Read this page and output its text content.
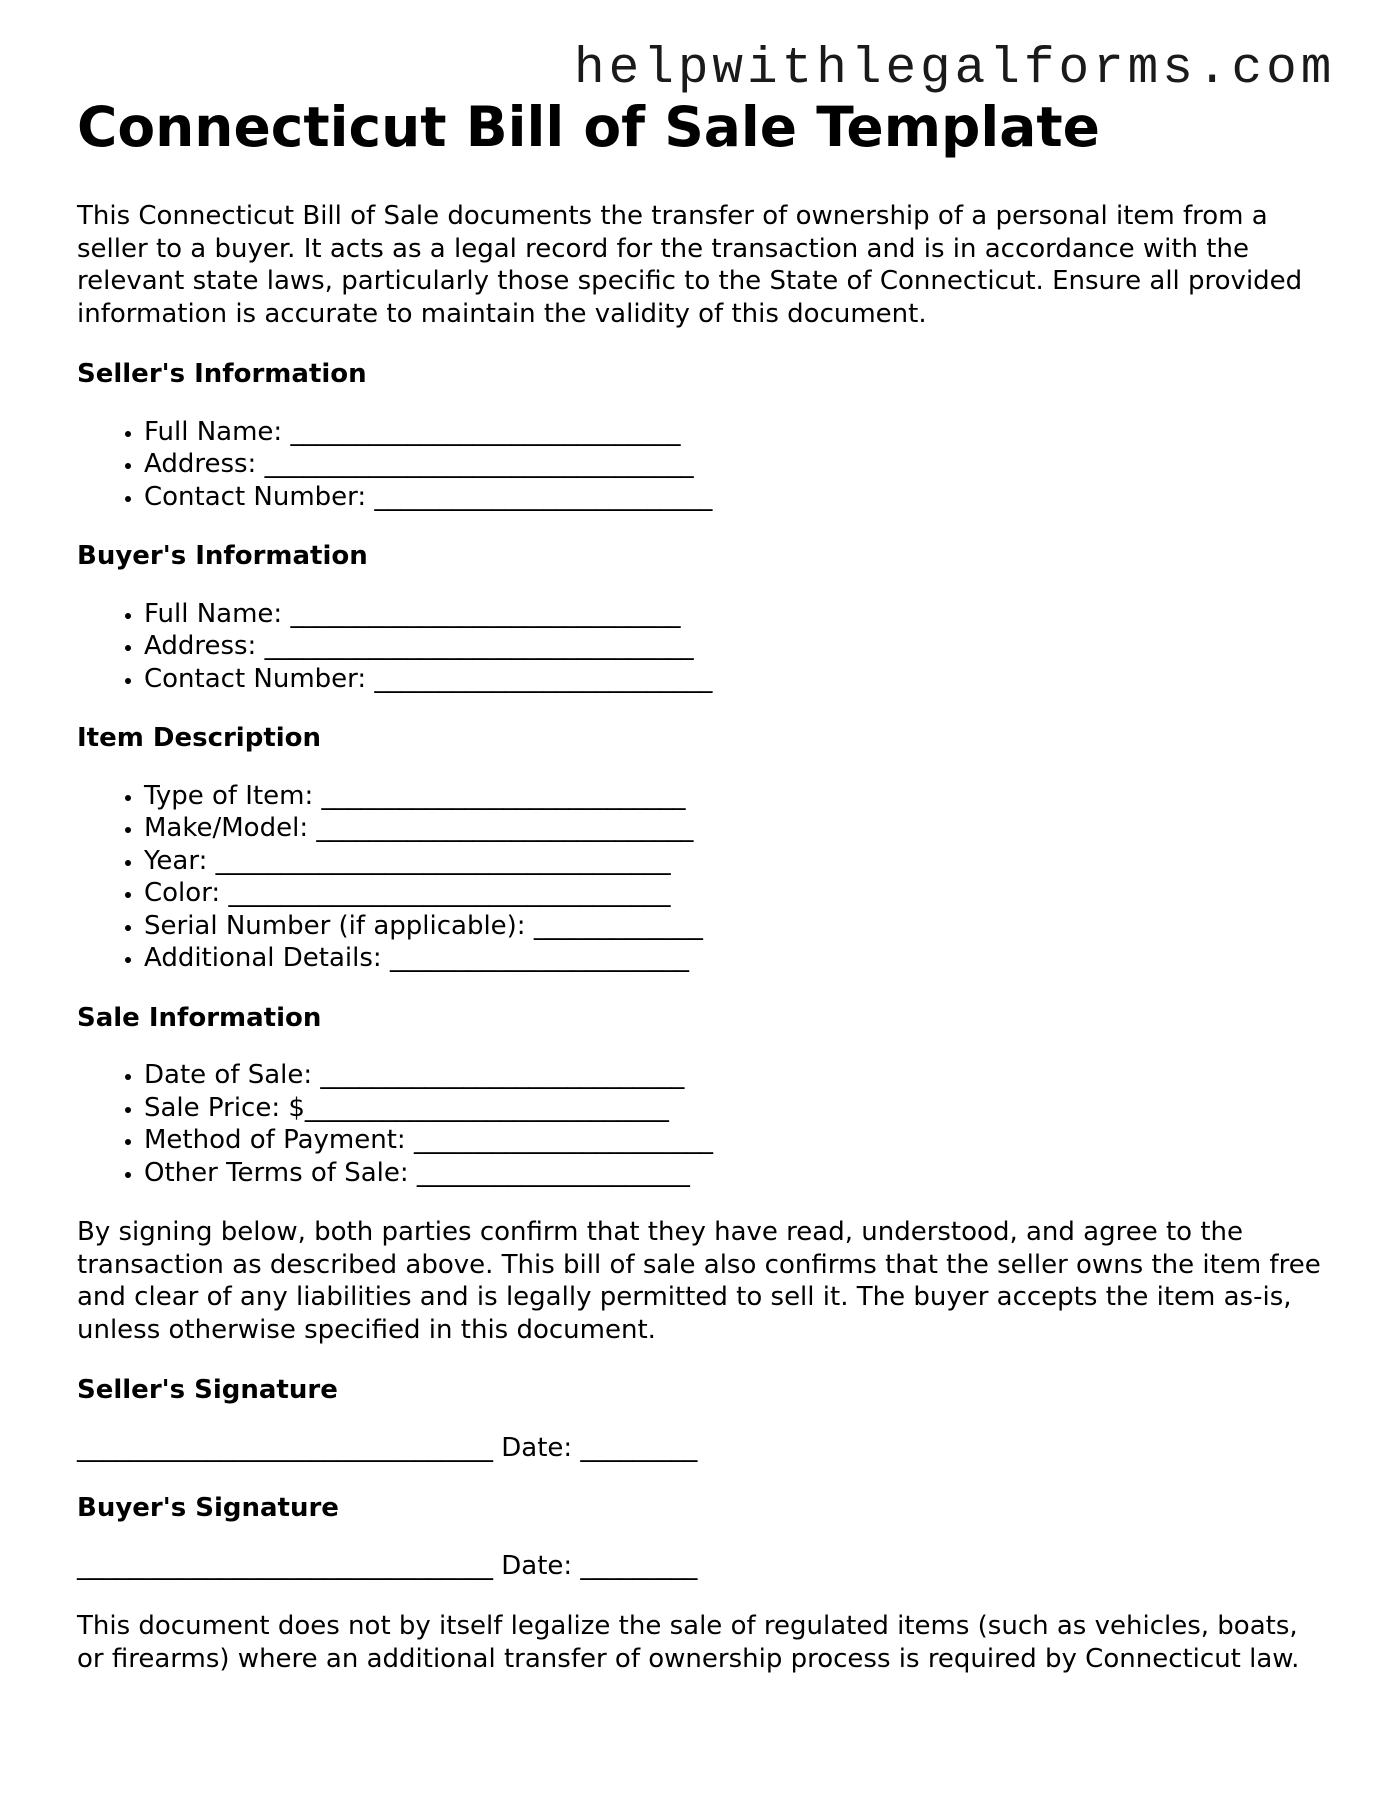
helpwithlegalforms.com
Connecticut Bill of Sale Template

This Connecticut Bill of Sale documents the transfer of ownership of a personal item from a seller to a buyer. It acts as a legal record for the transaction and is in accordance with the relevant state laws, particularly those specific to the State of Connecticut. Ensure all provided information is accurate to maintain the validity of this document.

Seller's Information
• Full Name: ______________________________
• Address: _________________________________
• Contact Number: __________________________
Buyer's Information
• Full Name: ______________________________
• Address: _________________________________
• Contact Number: __________________________
Item Description
• Type of Item: ____________________________
• Make/Model: _____________________________
• Year: ___________________________________
• Color: __________________________________
• Serial Number (if applicable): _____________
• Additional Details: _______________________
Sale Information
• Date of Sale: ____________________________
• Sale Price: $____________________________
• Method of Payment: _______________________
• Other Terms of Sale: _____________________

By signing below, both parties confirm that they have read, understood, and agree to the transaction as described above. This bill of sale also confirms that the seller owns the item free and clear of any liabilities and is legally permitted to sell it. The buyer accepts the item as-is, unless otherwise specified in this document.

Seller's Signature
________________________________ Date: _________
Buyer's Signature
________________________________ Date: _________

This document does not by itself legalize the sale of regulated items (such as vehicles, boats, or firearms) where an additional transfer of ownership process is required by Connecticut law.
